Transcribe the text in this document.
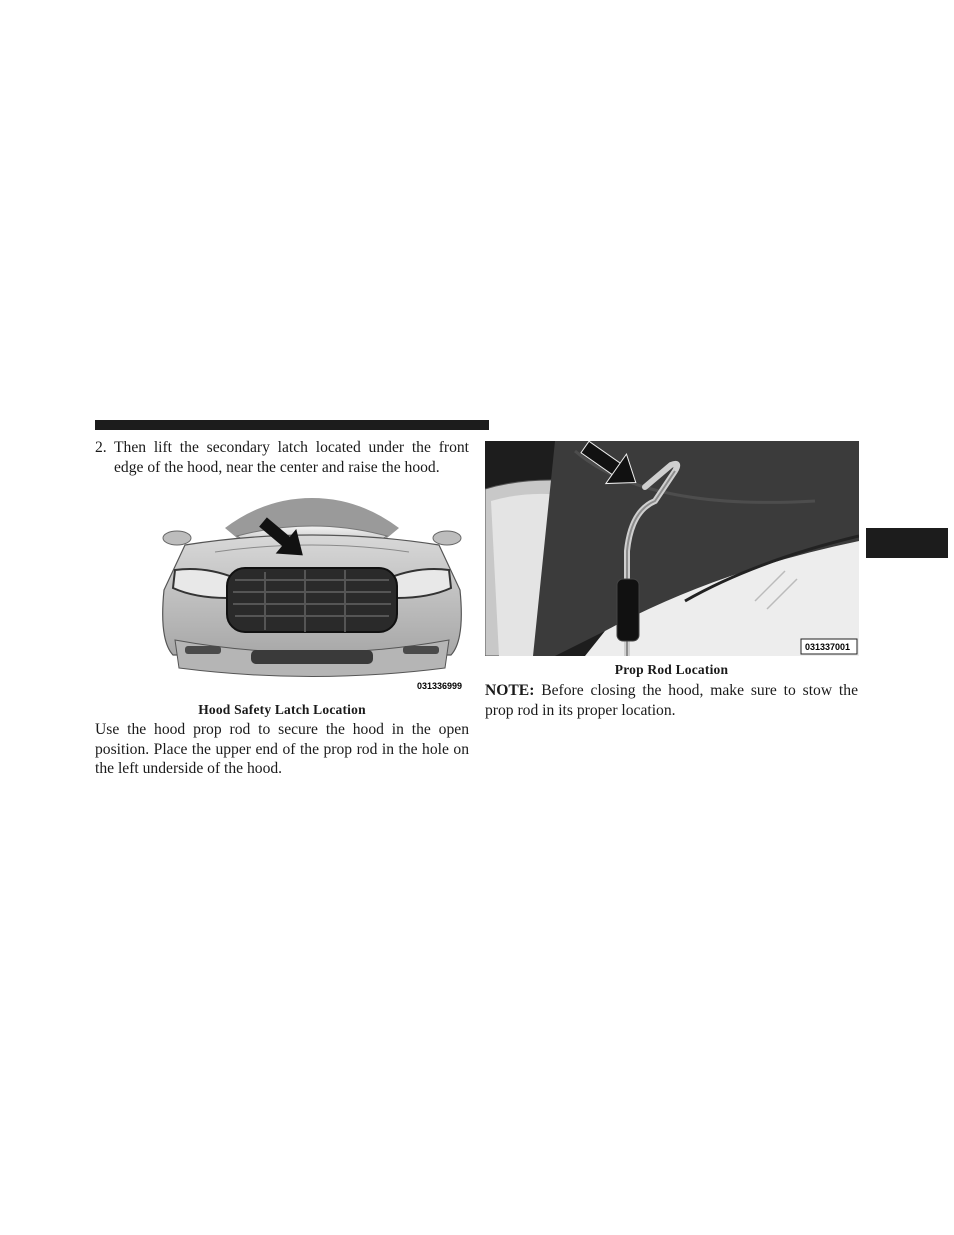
2. Then lift the secondary latch located under the front edge of the hood, near the center and raise the hood.

031336999
Hood Safety Latch Location

Use the hood prop rod to secure the hood in the open position. Place the upper end of the prop rod in the hole on the left underside of the hood.

031337001
Prop Rod Location

NOTE: Before closing the hood, make sure to stow the prop rod in its proper location.
